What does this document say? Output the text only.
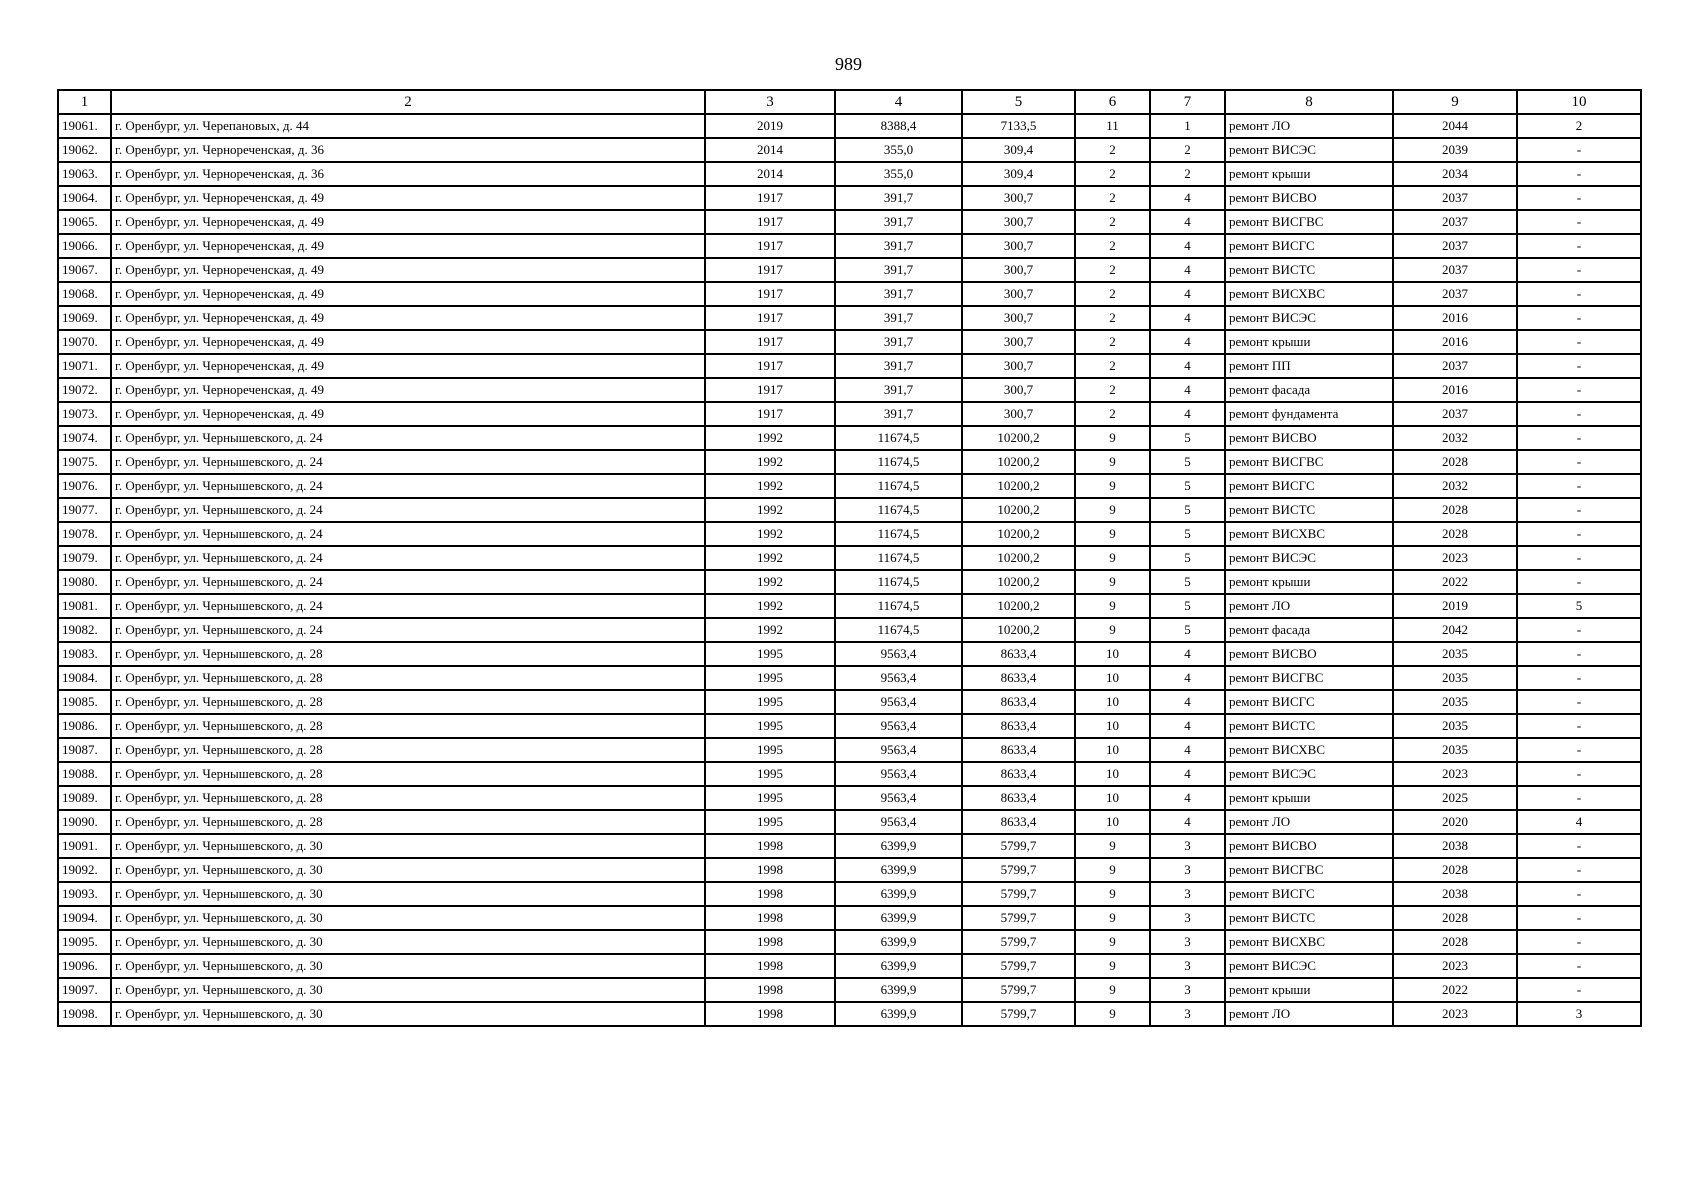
989
1	2	3	4	5	6	7	8	9	10
19061.	г. Оренбург, ул. Черепановых, д. 44	2019	8388,4	7133,5	11	1	ремонт ЛО	2044	2
19062.	г. Оренбург, ул. Чернореченская, д. 36	2014	355,0	309,4	2	2	ремонт ВИСЭС	2039	-
19063.	г. Оренбург, ул. Чернореченская, д. 36	2014	355,0	309,4	2	2	ремонт крыши	2034	-
19064.	г. Оренбург, ул. Чернореченская, д. 49	1917	391,7	300,7	2	4	ремонт ВИСВО	2037	-
19065.	г. Оренбург, ул. Чернореченская, д. 49	1917	391,7	300,7	2	4	ремонт ВИСГВС	2037	-
19066.	г. Оренбург, ул. Чернореченская, д. 49	1917	391,7	300,7	2	4	ремонт ВИСГС	2037	-
19067.	г. Оренбург, ул. Чернореченская, д. 49	1917	391,7	300,7	2	4	ремонт ВИСТС	2037	-
19068.	г. Оренбург, ул. Чернореченская, д. 49	1917	391,7	300,7	2	4	ремонт ВИСХВС	2037	-
19069.	г. Оренбург, ул. Чернореченская, д. 49	1917	391,7	300,7	2	4	ремонт ВИСЭС	2016	-
19070.	г. Оренбург, ул. Чернореченская, д. 49	1917	391,7	300,7	2	4	ремонт крыши	2016	-
19071.	г. Оренбург, ул. Чернореченская, д. 49	1917	391,7	300,7	2	4	ремонт ПП	2037	-
19072.	г. Оренбург, ул. Чернореченская, д. 49	1917	391,7	300,7	2	4	ремонт фасада	2016	-
19073.	г. Оренбург, ул. Чернореченская, д. 49	1917	391,7	300,7	2	4	ремонт фундамента	2037	-
19074.	г. Оренбург, ул. Чернышевского, д. 24	1992	11674,5	10200,2	9	5	ремонт ВИСВО	2032	-
19075.	г. Оренбург, ул. Чернышевского, д. 24	1992	11674,5	10200,2	9	5	ремонт ВИСГВС	2028	-
19076.	г. Оренбург, ул. Чернышевского, д. 24	1992	11674,5	10200,2	9	5	ремонт ВИСГС	2032	-
19077.	г. Оренбург, ул. Чернышевского, д. 24	1992	11674,5	10200,2	9	5	ремонт ВИСТС	2028	-
19078.	г. Оренбург, ул. Чернышевского, д. 24	1992	11674,5	10200,2	9	5	ремонт ВИСХВС	2028	-
19079.	г. Оренбург, ул. Чернышевского, д. 24	1992	11674,5	10200,2	9	5	ремонт ВИСЭС	2023	-
19080.	г. Оренбург, ул. Чернышевского, д. 24	1992	11674,5	10200,2	9	5	ремонт крыши	2022	-
19081.	г. Оренбург, ул. Чернышевского, д. 24	1992	11674,5	10200,2	9	5	ремонт ЛО	2019	5
19082.	г. Оренбург, ул. Чернышевского, д. 24	1992	11674,5	10200,2	9	5	ремонт фасада	2042	-
19083.	г. Оренбург, ул. Чернышевского, д. 28	1995	9563,4	8633,4	10	4	ремонт ВИСВО	2035	-
19084.	г. Оренбург, ул. Чернышевского, д. 28	1995	9563,4	8633,4	10	4	ремонт ВИСГВС	2035	-
19085.	г. Оренбург, ул. Чернышевского, д. 28	1995	9563,4	8633,4	10	4	ремонт ВИСГС	2035	-
19086.	г. Оренбург, ул. Чернышевского, д. 28	1995	9563,4	8633,4	10	4	ремонт ВИСТС	2035	-
19087.	г. Оренбург, ул. Чернышевского, д. 28	1995	9563,4	8633,4	10	4	ремонт ВИСХВС	2035	-
19088.	г. Оренбург, ул. Чернышевского, д. 28	1995	9563,4	8633,4	10	4	ремонт ВИСЭС	2023	-
19089.	г. Оренбург, ул. Чернышевского, д. 28	1995	9563,4	8633,4	10	4	ремонт крыши	2025	-
19090.	г. Оренбург, ул. Чернышевского, д. 28	1995	9563,4	8633,4	10	4	ремонт ЛО	2020	4
19091.	г. Оренбург, ул. Чернышевского, д. 30	1998	6399,9	5799,7	9	3	ремонт ВИСВО	2038	-
19092.	г. Оренбург, ул. Чернышевского, д. 30	1998	6399,9	5799,7	9	3	ремонт ВИСГВС	2028	-
19093.	г. Оренбург, ул. Чернышевского, д. 30	1998	6399,9	5799,7	9	3	ремонт ВИСГС	2038	-
19094.	г. Оренбург, ул. Чернышевского, д. 30	1998	6399,9	5799,7	9	3	ремонт ВИСТС	2028	-
19095.	г. Оренбург, ул. Чернышевского, д. 30	1998	6399,9	5799,7	9	3	ремонт ВИСХВС	2028	-
19096.	г. Оренбург, ул. Чернышевского, д. 30	1998	6399,9	5799,7	9	3	ремонт ВИСЭС	2023	-
19097.	г. Оренбург, ул. Чернышевского, д. 30	1998	6399,9	5799,7	9	3	ремонт крыши	2022	-
19098.	г. Оренбург, ул. Чернышевского, д. 30	1998	6399,9	5799,7	9	3	ремонт ЛО	2023	3
